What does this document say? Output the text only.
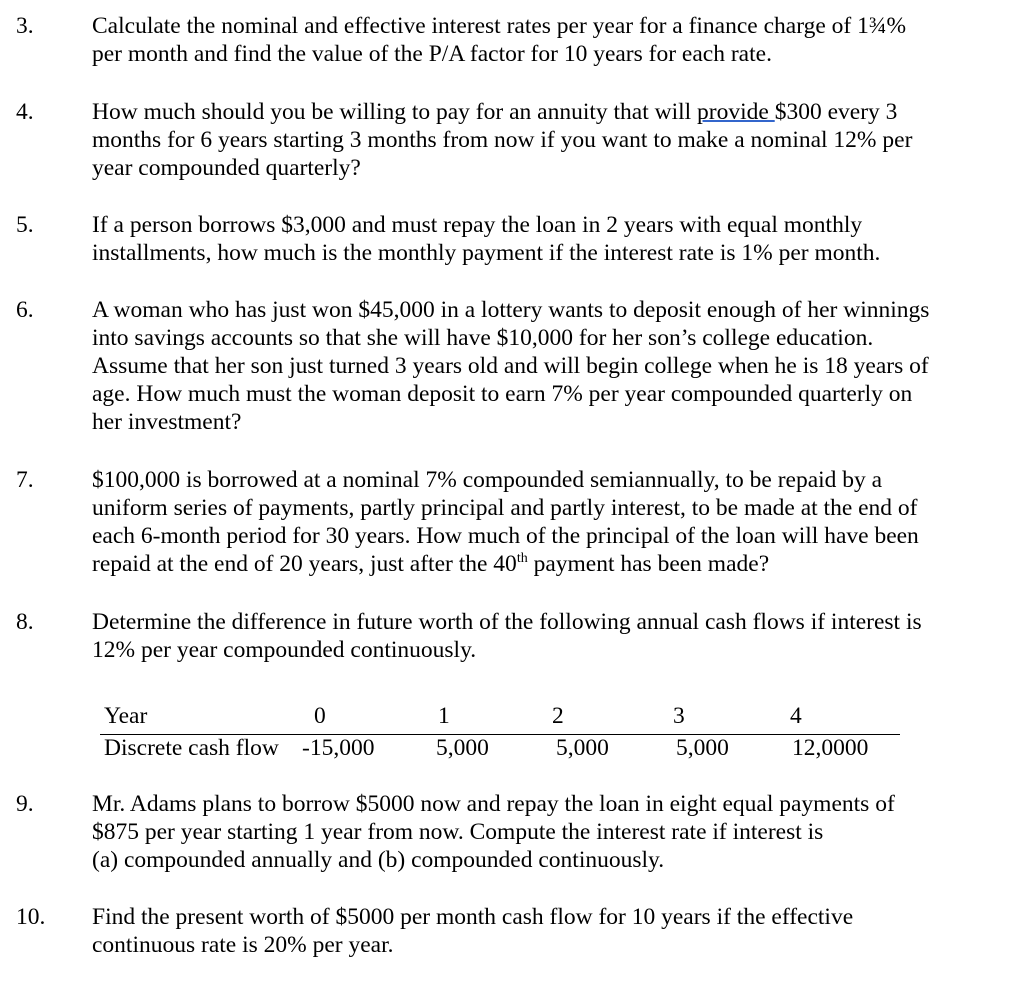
3. Calculate the nominal and effective interest rates per year for a finance charge of 1¾%
per month and find the value of the P/A factor for 10 years for each rate.
4. How much should you be willing to pay for an annuity that will provide $300 every 3
months for 6 years starting 3 months from now if you want to make a nominal 12% per
year compounded quarterly?
5. If a person borrows $3,000 and must repay the loan in 2 years with equal monthly
installments, how much is the monthly payment if the interest rate is 1% per month.
6. A woman who has just won $45,000 in a lottery wants to deposit enough of her winnings
into savings accounts so that she will have $10,000 for her son’s college education.
Assume that her son just turned 3 years old and will begin college when he is 18 years of
age. How much must the woman deposit to earn 7% per year compounded quarterly on
her investment?
7. $100,000 is borrowed at a nominal 7% compounded semiannually, to be repaid by a
uniform series of payments, partly principal and partly interest, to be made at the end of
each 6-month period for 30 years. How much of the principal of the loan will have been
repaid at the end of 20 years, just after the 40th payment has been made?
8. Determine the difference in future worth of the following annual cash flows if interest is
12% per year compounded continuously.
Year	0	1	2	3	4
Discrete cash flow -15,000	5,000	5,000	5,000	12,0000
9. Mr. Adams plans to borrow $5000 now and repay the loan in eight equal payments of
$875 per year starting 1 year from now. Compute the interest rate if interest is
(a) compounded annually and (b) compounded continuously.
10. Find the present worth of $5000 per month cash flow for 10 years if the effective
continuous rate is 20% per year.
